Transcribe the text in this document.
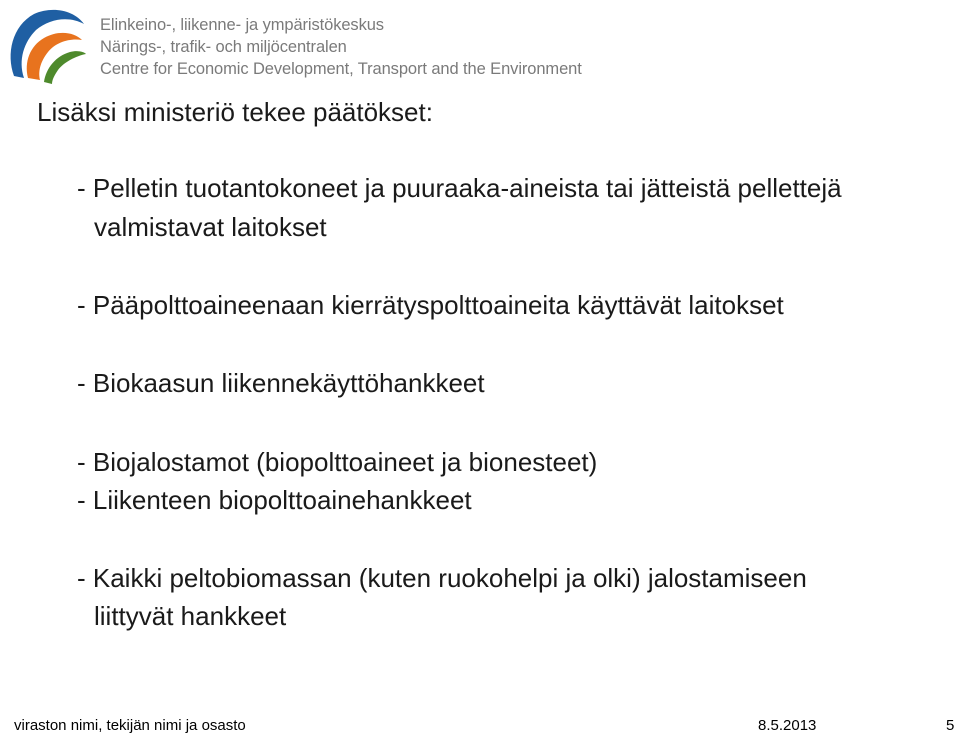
Elinkeino-, liikenne- ja ympäristökeskus
Närings-, trafik- och miljöcentralen
Centre for Economic Development, Transport and the Environment
Lisäksi ministeriö tekee päätökset:
- Pelletin tuotantokoneet ja puuraaka-aineista tai jätteistä pellettejä
valmistavat laitokset
- Pääpolttoaineenaan kierrätyspolttoaineita käyttävät laitokset
- Biokaasun liikennekäyttöhankkeet
- Biojalostamot (biopolttoaineet ja bionesteet)
- Liikenteen biopolttoainehankkeet
- Kaikki peltobiomassan (kuten ruokohelpi ja olki) jalostamiseen
liittyvät hankkeet
viraston nimi, tekijän nimi ja osasto	8.5.2013	5
